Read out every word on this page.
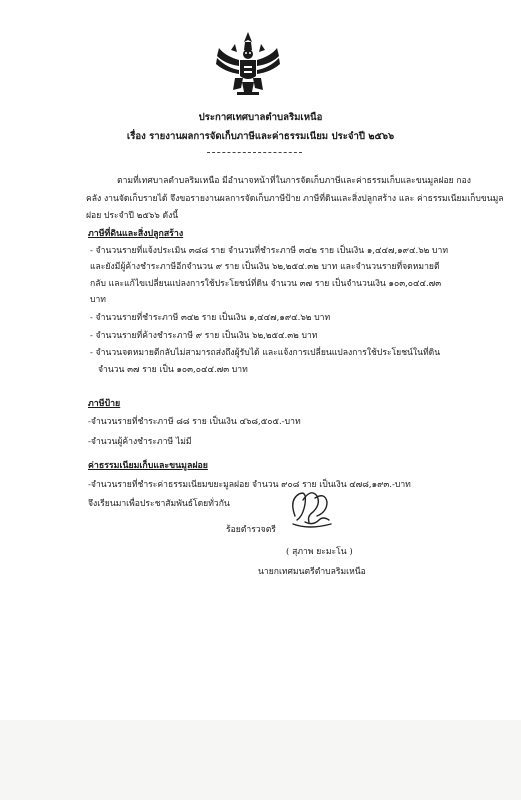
ประกาศเทศบาลตำบลริมเหนือ
เรื่อง รายงานผลการจัดเก็บภาษีและค่าธรรมเนียม ประจำปี ๒๕๖๖
ตามที่เทศบาลตำบลริมเหนือ มีอำนาจหน้าที่ในการจัดเก็บภาษีและค่าธรรมเก็บและขนมูลฝอย กอง
คลัง งานจัดเก็บรายได้ จึงขอรายงานผลการจัดเก็บภาษีป้าย ภาษีที่ดินและสิ่งปลูกสร้าง และ ค่าธรรมเนียมเก็บขนมูล
ฝอย ประจำปี ๒๕๖๖ ดังนี้
ภาษีที่ดินและสิ่งปลูกสร้าง
- จำนวนรายที่แจ้งประเมิน ๓๘๘ ราย จำนวนที่ชำระภาษี ๓๔๒ ราย เป็นเงิน ๑,๔๔๗,๑๙๔.๖๒ บาท
และยังมีผู้ค้างชำระภาษีอีกจำนวน ๙ ราย เป็นเงิน ๖๒,๒๕๔.๓๒ บาท และจำนวนรายที่จดหมายตี
กลับ และแก้ไขเปลี่ยนแปลงการใช้ประโยชน์ที่ดิน จำนวน ๓๗ ราย เป็นจำนวนเงิน ๑๐๓,๐๔๔.๗๓
บาท
- จำนวนรายที่ชำระภาษี ๓๔๒ ราย เป็นเงิน ๑,๔๔๗,๑๙๔.๖๒ บาท
- จำนวนรายที่ค้างชำระภาษี ๙ ราย เป็นเงิน ๖๒,๒๕๔.๓๒ บาท
- จำนวนจดหมายตีกลับไม่สามารถส่งถึงผู้รับได้ และแจ้งการเปลี่ยนแปลงการใช้ประโยชน์ในที่ดิน
จำนวน ๓๗ ราย เป็น ๑๐๓,๐๔๔.๗๓ บาท
ภาษีป้าย
-จำนวนรายที่ชำระภาษี ๘๘ ราย เป็นเงิน ๔๖๘,๕๐๕.-บาท
-จำนวนผู้ค้างชำระภาษี ไม่มี
ค่าธรรมเนียมเก็บและขนมูลฝอย
-จำนวนรายที่ชำระค่าธรรมเนียมขยะมูลฝอย จำนวน ๙๐๘ ราย เป็นเงิน ๔๗๘,๑๙๓.-บาท
จึงเรียนมาเพื่อประชาสัมพันธ์โดยทั่วกัน
ร้อยตำรวจตรี
( สุภาพ ยะมะโน )
นายกเทศมนตรีตำบลริมเหนือ
